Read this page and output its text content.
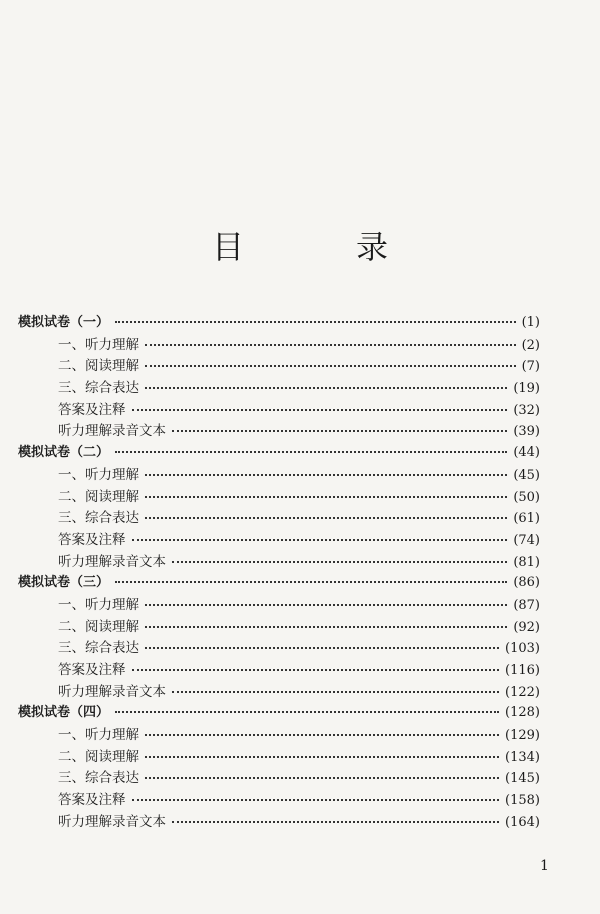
目　录
模拟试卷（一）	(1)
一、听力理解	(2)
二、阅读理解	(7)
三、综合表达	(19)
答案及注释	(32)
听力理解录音文本	(39)
模拟试卷（二）	(44)
一、听力理解	(45)
二、阅读理解	(50)
三、综合表达	(61)
答案及注释	(74)
听力理解录音文本	(81)
模拟试卷（三）	(86)
一、听力理解	(87)
二、阅读理解	(92)
三、综合表达	(103)
答案及注释	(116)
听力理解录音文本	(122)
模拟试卷（四）	(128)
一、听力理解	(129)
二、阅读理解	(134)
三、综合表达	(145)
答案及注释	(158)
听力理解录音文本	(164)
1
